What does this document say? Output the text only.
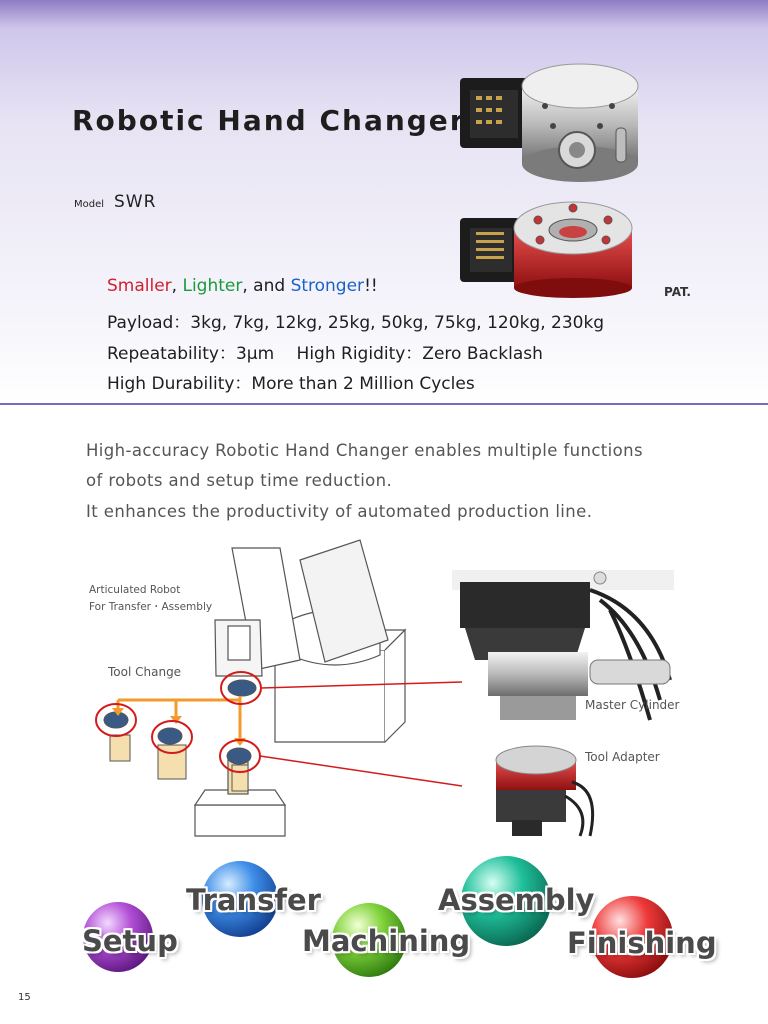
Robotic Hand Changer
Model SWR
PAT.
Smaller, Lighter, and Stronger!!
Payload：3kg, 7kg, 12kg, 25kg, 50kg, 75kg, 120kg, 230kg
Repeatability：3μm　 High Rigidity：Zero Backlash
High Durability：More than 2 Million Cycles
High-accuracy Robotic Hand Changer enables multiple functions
of robots and setup time reduction.
It enhances the productivity of automated production line.
Articulated Robot
For Transfer・Assembly
Tool Change
Master Cylinder
Tool Adapter
Setup
Transfer
Machining
Assembly
Finishing
15
